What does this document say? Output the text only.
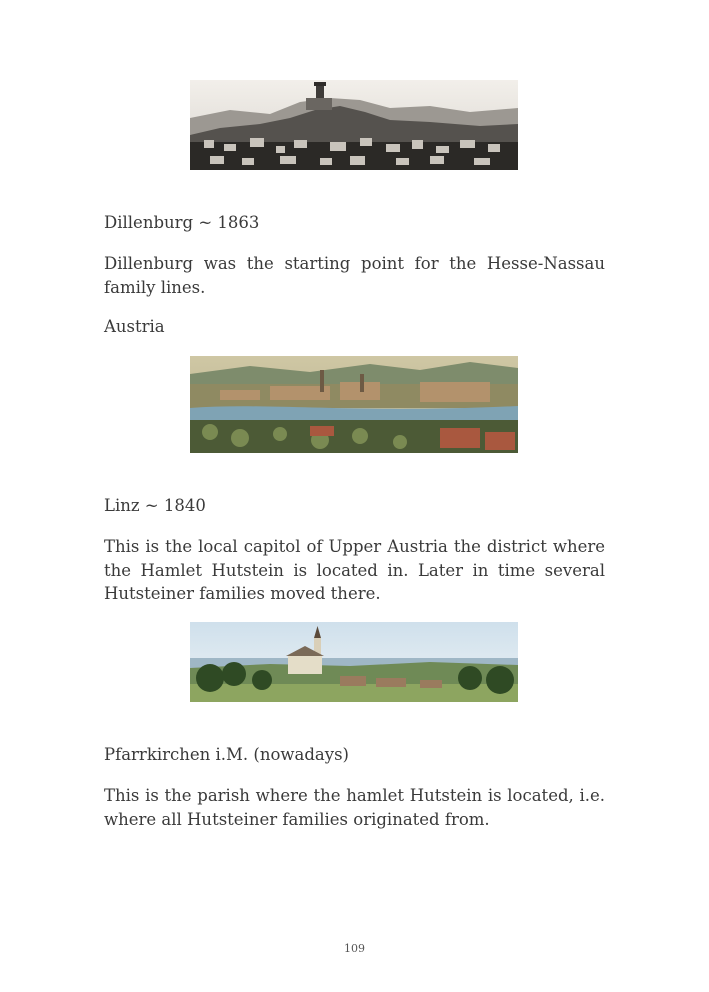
Dillenburg ~ 1863

Dillenburg was the starting point for the Hesse-Nassau family lines.

Austria

Linz ~ 1840

This is the local capitol of Upper Austria the district where the Hamlet Hutstein is located in. Later in time several Hutsteiner families moved there.

Pfarrkirchen i.M. (nowadays)

This is the parish where the hamlet Hutstein is located, i.e. where all Hutsteiner families originated from.

109
